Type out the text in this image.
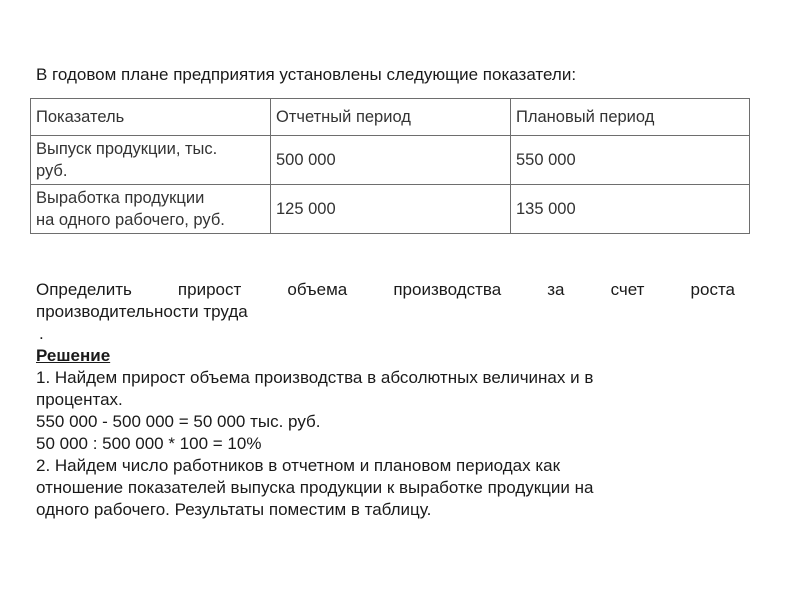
В годовом плане предприятия установлены следующие показатели:
Показатель	Отчетный период	Плановый период

Выпуск продукции, тыс.
руб.	500 000	550 000

Выработка продукции
на одного рабочего, руб.	125 000	135 000

Определить прирост объема производства за счет роста

производительности труда

.

Решение

1. Найдем прирост объема производства в абсолютных величинах и в

процентах.

550 000 - 500 000 = 50 000 тыс. руб.

50 000 : 500 000 * 100 = 10%

2. Найдем число работников в отчетном и плановом периодах как

отношение показателей выпуска продукции к выработке продукции на

одного рабочего. Результаты поместим в таблицу.
